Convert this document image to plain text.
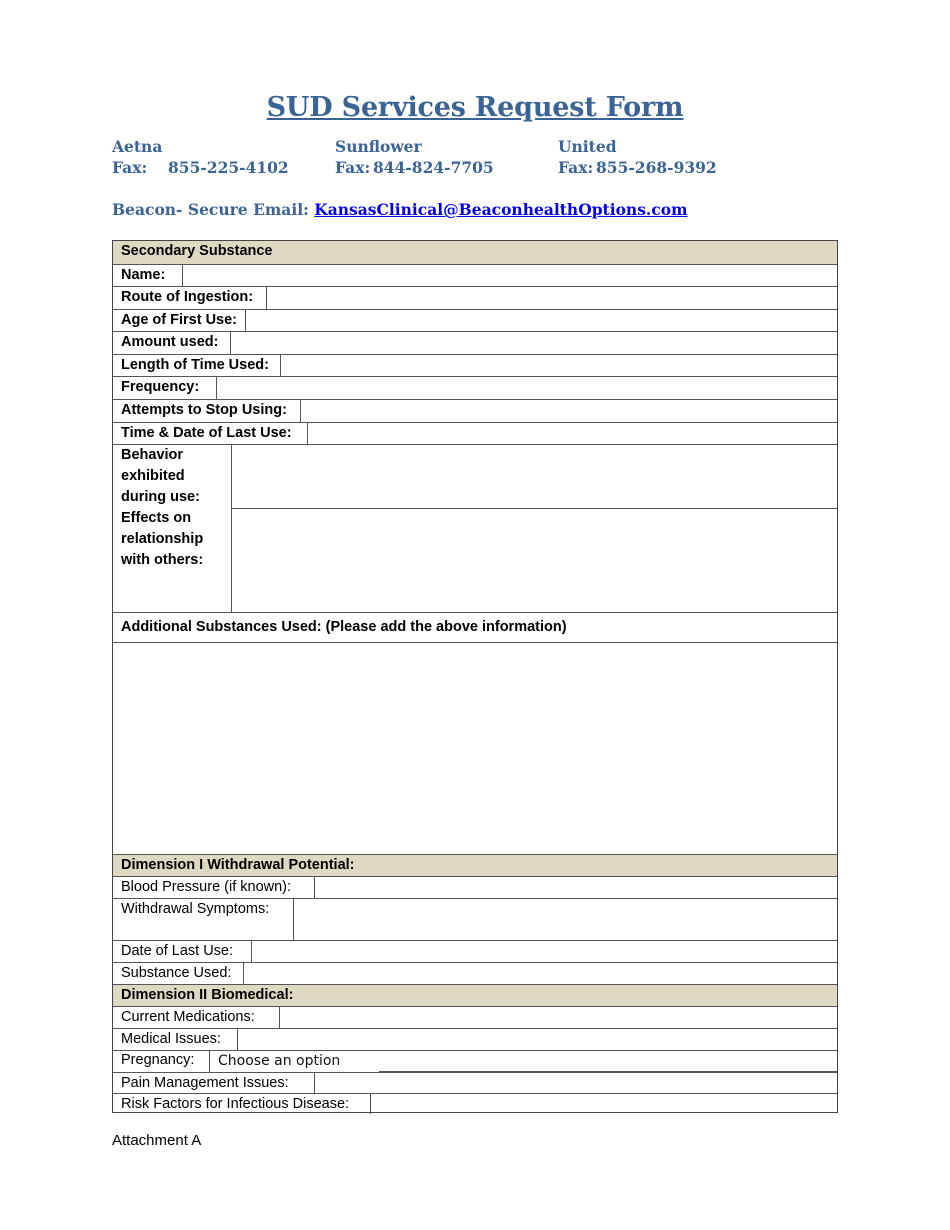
SUD Services Request Form
Aetna
Fax: 855-225-4102
Sunflower
Fax: 844-824-7705
United
Fax: 855-268-9392
Beacon- Secure Email: KansasClinical@BeaconhealthOptions.com
Secondary Substance
Name:
Route of Ingestion:
Age of First Use:
Amount used:
Length of Time Used:
Frequency:
Attempts to Stop Using:
Time & Date of Last Use:
Behavior
exhibited
during use:
Effects on
relationship
with others:
Additional Substances Used: (Please add the above information)
Dimension I Withdrawal Potential:
Blood Pressure (if known):
Withdrawal Symptoms:
Date of Last Use:
Substance Used:
Dimension II Biomedical:
Current Medications:
Medical Issues:
Pregnancy:	Choose an option
Pain Management Issues:
Risk Factors for Infectious Disease:
Attachment A
